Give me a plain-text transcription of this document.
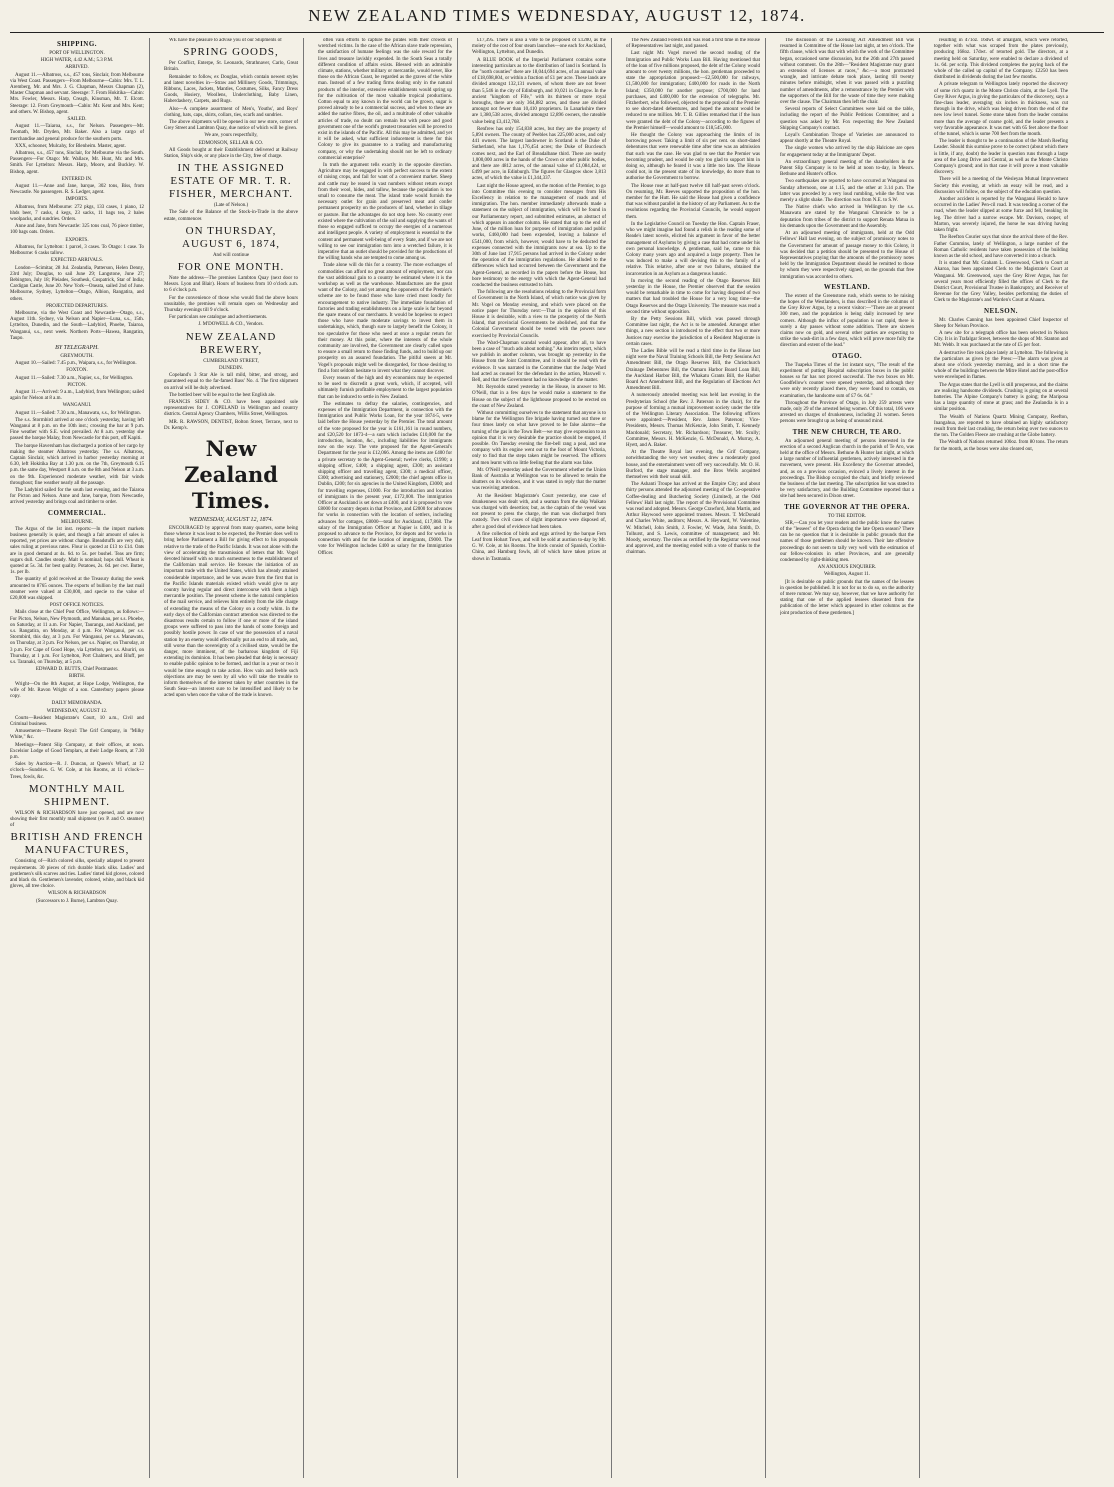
NEW ZEALAND TIMES WEDNESDAY, AUGUST 12, 1874.
SHIPPING.

PORT OF WELLINGTON.

HIGH WATER, 4.42 A.M.; 5.3 P.M.

ARRIVED.

August 11.—Albatross, s.s., 457 tons, Sinclair, from Melbourne via West Coast. Passengers—From Melbourne—Cabin: Mrs. T. L. Aremberg, Mr. and Mrs. J. G. Chapman, Messrs Chapman (2), Master Chapman and servant. Steerage: 7. From Hokitika—Cabin: Mrs. Fowler, Messrs. Harp, Creagh, Kinsman, Mr. T. Elcott. Steerage: 12. From Greymouth—Cabin: Mr. Kent and Mrs. Kent; and others. W. Bishop, agent.

SAILED.

August 11.—Taiaroa, s.s., for Nelson. Passengers—Mr. Toomath, Mr. Dryden, Mr. Baker. Also a large cargo of merchandise and general produce for the southern ports.

XXX, schooner, Mulcahy, for Blenheim. Master, agent.

Albatross, s.s., 457 tons, Sinclair, for Melbourne via the South. Passengers—For Otago: Mr. Wallace, Mr. Hunt, Mr. and Mrs. Smith. For Lyttelton: Messrs. Harp, Moore, and Buckley. W. Bishop, agent.

ENTERED IN.

August 11.—Anne and Jane, barque, 302 tons, Biss, from Newcastle. No passengers. R. S. Ledger, agent.

IMPORTS.

Albatross, from Melbourne: 272 pkgs, 133 cases, 1 piano, 12 hhds beer, 7 casks, 4 kegs, 23 sacks, 11 bags tea, 2 bales woolpacks, and sundries. Orders.

Anne and Jane, from Newcastle: 325 tons coal, 76 piece timber, 100 bags oats. Orders.

EXPORTS.

Albatross, for Lyttelton: 1 parcel, 3 cases. To Otago: 1 case. To Melbourne: 6 casks tallow.

EXPECTED ARRIVALS.

London—Scimitar, 28 Jul. Zealandia, Patterson, Helen Denny, 23rd July; Douglas, to sail June 29; Langstone, June 27; Bebington, July 18; Pleiades, Southesk, Cospatrick, Star of India; Cardigan Castle, June 20. New York—Oneata, sailed 2nd of June. Melbourne, Sydney, Lyttelton—Otago, Albion, Rangatira, and others.

PROJECTED DEPARTURES.

Melbourne, via the West Coast and Newcastle—Otago, s.s., August 11th. Sydney, via Nelson and Napier—Luna, s.s., 15th. Lyttelton, Dunedin, and the South—Ladybird, Phoebe, Taiaroa, Wanganui, s.s., next week. Northern Ports—Hawea, Rangatira, Taupo.

BY TELEGRAPH.

GREYMOUTH.

August 10.—Sailed: 7.45 p.m., Waipara, s.s., for Wellington.

FOXTON.

August 11.—Sailed: 7.30 a.m., Napier, s.s., for Wellington.

PICTON.

August 11.—Arrived: 9 a.m., Ladybird, from Wellington; sailed again for Nelson at 8 a.m.

WANGANUI.

August 11.—Sailed: 7.30 a.m., Manawatu, s.s., for Wellington.

The s.s. Stormbird arrived at one o'clock yesterday, having left Wanganui at 8 p.m. on the 10th inst.; crossing the bar at 9 p.m. Fine weather with S.E. wind prevailed. At 8 a.m. yesterday she passed the barque Malay, from Newcastle for this port, off Kapiti.

The barque Haversham has discharged a portion of her cargo by making the steamer Albatross yesterday. The s.s. Albatross, Captain Sinclair, which arrived in harbor yesterday morning at 6.30, left Hokitika Bay at 1.30 p.m. on the 7th, Greymouth 6.15 p.m. the same day, Westport 8 a.m. on the 8th and Nelson at 3 a.m. on the 9th. Experienced moderate weather, with fair winds throughout; fine weather nearly all the passage.

The Ladybird sailed for the south last evening, and the Taiaroa for Picton and Nelson. Anne and Jane, barque, from Newcastle, arrived yesterday and brings coal and timber to order.

COMMERCIAL.

MELBOURNE.

The Argus of the 1st inst. reports:—In the import markets business generally is quiet, and though a fair amount of sales is reported, yet prices are without change. Breadstuffs are very dull, sales ruling at previous rates. Flour is quoted at £13 to £14. Oats are in good demand at 4s. 6d. to 5s. per bushel. Teas are firm; sugars dull. Candles steady. Malt is nominal; hops dull. Wheat is quoted at 5s. 3d. for best quality. Potatoes, 2s. 6d. per cwt. Butter, 1s. per lb.

The quantity of gold received at the Treasury during the week amounted to 8765 ounces. The exports of bullion by the last mail steamer were valued at £30,000, and specie to the value of £20,000 was shipped.

POST OFFICE NOTICES.

Mails close at the Chief Post Office, Wellington, as follows:—For Picton, Nelson, New Plymouth, and Manukau, per s.s. Phoebe, on Saturday, at 11 a.m. For Napier, Tauranga, and Auckland, per s.s. Rangatira, on Monday, at 4 p.m. For Wanganui, per s.s. Stormbird, this day, at 3 p.m. For Wanganui, per s.s. Manawatu, on Thursday, at 3 p.m. For Nelson, per s.s. Napier, on Thursday, at 3 p.m. For Cape of Good Hope, via Lyttelton, per s.s. Ahuriri, on Thursday, at 1 p.m. For Lyttelton, Port Chalmers, and Bluff, per s.s. Taranaki, on Thursday, at 5 p.m.

EDWARD D. BUTTS, Chief Postmaster.

BIRTH.

Wright—On the 8th August, at Hope Lodge, Wellington, the wife of Mr. Ravon Wright of a son. Canterbury papers please copy.

DAILY MEMORANDA.

WEDNESDAY, AUGUST 12.

Courts—Resident Magistrate's Court, 10 a.m., Civil and Criminal business.

Amusements—Theatre Royal: The Grif Company, in "Milky White," &c.

Meetings—Patent Slip Company, at their offices, at noon. Excelsior Lodge of Good Templars, at their Lodge Room, at 7.30 p.m.

Sales by Auction—R. J. Duncan, at Queen's Wharf, at 12 o'clock—Sundries. G. W. Cole, at his Rooms, at 11 o'clock—Trees, fowls, &c.

MONTHLY MAIL SHIPMENT.

WILSON & RICHARDSON have just opened, and are now showing their first monthly mail shipment (ex P. and O. steamer) of

BRITISH AND FRENCH MANUFACTURES,

Consisting of—Rich colored silks, specially adapted to present requirements. 30 pieces of rich durable black silks. Ladies' and gentlemen's silk scarves and ties. Ladies' tinted kid gloves, colored and black do. Gentlemen's lavender, colored, white, and black kid gloves, all tree choice.

WILSON & RICHARDSON

(Successors to J. Burne), Lambton Quay.

WE have the pleasure to advise you of our Shipments of

SPRING GOODS,

Per Conflict, Enterpe, St. Leonards, Strathnaver, Carlo, Great Britain.

Remainder to follow, ex Douglas, which contain newest styles and latest novelties in—Straw and Millinery Goods, Trimmings, Ribbons, Laces, Jackets, Mantles, Costumes, Silks, Fancy Dress Goods, Hosiery, Woollens, Underclothing, Baby Linen, Haberdashery, Carpets, and Rugs.

Also—A complete assortment of Men's, Youths', and Boys' clothing, hats, caps, shirts, collars, ties, scarfs and sundries.

The above shipments will be opened in our new store, corner of Grey Street and Lambton Quay, due notice of which will be given.

We are, yours respectfully,

EDMONSON, SELLAR & CO.

All Goods bought at their Establishment delivered at Railway Station, Ship's side, or any place in the City, free of charge.

IN THE ASSIGNED ESTATE OF MR. T. R. FISHER, MERCHANT.

(Late of Nelson.)

The Sale of the Balance of the Stock-in-Trade in the above estate, commences

ON THURSDAY, AUGUST 6, 1874,

And will continue

FOR ONE MONTH.

Note the address—The premises Lambton Quay (next door to Messrs. Lyon and Blair). Hours of business from 10 o'clock a.m. to 6 o'clock p.m.

For the convenience of those who would find the above hours unsuitable, the premises will remain open on Wednesday and Thursday evenings till 9 o'clock.

For particulars see catalogue and advertisements.

J. M'DOWELL & CO., Vendors.

NEW ZEALAND BREWERY,

CUMBERLAND STREET,

DUNEDIN.

Copeland's 3 Star Ale is tall mild, bitter, and strong, and guaranteed equal to the far-famed Bass' No. 4. The first shipment on arrival will be duly advertised.

The bottled beer will be equal to the best English ale.

FRANCIS SIDEY & CO. have been appointed sole representatives for J. COPELAND in Wellington and country districts. Central Agency Chambers, Willis Street, Wellington.

MR. R. RAWSON, DENTIST, Bolton Street, Terrace, next to Dr. Kemp's.

New Zealand Times.
WEDNESDAY, AUGUST 12, 1874.

ENCOURAGED by approval from many quarters, some being those whence it was least to be expected, the Premier does well to bring before Parliament a Bill for giving effect to his proposals relative to the trade of the Pacific Islands. It was not alone with the view of accelerating the transmission of letters that Mr. Vogel devoted himself with so much earnestness to the establishment of the Californian mail service. He foresaw the initiation of an important trade with the United States, which has already attained considerable importance, and he was aware from the first that in the Pacific Islands materials existed which would give to any country having regular and direct intercourse with them a high mercantile position. The present scheme is the natural completion of the mail service, and relieves him entirely from the idle charge of extending the means of the Colony on a costly whim. In the early days of the Californian contract attention was directed to the disastrous results certain to follow if one or more of the island groups were suffered to pass into the hands of some foreign and possibly hostile power. In case of war the possession of a naval station by an enemy would effectually put an end to all trade, and, still worse than the sovereignty of a civilised state, would be the danger, more imminent, of the barbarous kingdom of Fiji extending its dominion. It has been pleaded that delay is necessary to enable public opinion to be formed, and that in a year or two it would be time enough to take action. How vain and feeble such objections are may be seen by all who will take the trouble to inform themselves of the interest taken by other countries in the South Seas—an interest sure to be intensified and likely to be acted upon when once the value of the trade is known.

often vain efforts to capture the pirates with their crowds of wretched victims. In the case of the African slave trade repression, the satisfaction of humane feelings was the sole reward for the lives and treasure lavishly expended. In the South Seas a totally different condition of affairs exists. Blessed with an admirable climate, stations, whether military or mercantile, would never, like those on the African Coast, be regarded as the graves of the white man. Instead of a few trading firms dealing only in the natural products of the interior, extensive establishments would spring up for the cultivation of the most valuable tropical productions. Cotton equal to any known in the world can be grown, sugar is proved already to be a commercial success, and when to these are added the native fibres, the oil, and a multitude of other valuable articles of trade, no doubt can remain but with peace and good government one of the world's greatest treasuries will be proved to exist in the islands of the Pacific. All this may be admitted, and yet it will be asked, what sufficient inducement is there for this Colony to give its guarantee to a trading and manufacturing company, or why the undertaking should not be left to ordinary commercial enterprise?

In truth the argument tells exactly in the opposite direction. Agriculture may be engaged in with perfect success to the extent of raising crops, and fail for want of a convenient market. Sheep and cattle may be reared in vast numbers without return except from their wool, hides, and tallow, because the population is too small to consume the meat. The island trade would furnish the necessary outlet for grain and preserved meat and confer permanent prosperity on the producers of land, whether in tillage or pasture. But the advantages do not stop here. No country ever existed where the cultivation of the soil and supplying the wants of those so engaged sufficed to occupy the energies of a numerous and intelligent people. A variety of employment is essential to the content and permanent well-being of every State, and if we are not willing to see our immigration turn into a wretched failure, it is imperative that an outlet should be provided for the productions of the willing hands who are tempted to come among us.

Trade alone will do this for a country. The more exchanges of commodities can afford no great amount of employment, nor can the vast additional gain to a country be estimated where it is the workshop as well as the warehouse. Manufactures are the great want of the Colony, and yet among the opponents of the Premier's scheme are to be found those who have cried most loudly for encouragement to native industry. The immediate foundation of factories and trading establishments on a large scale is far beyond the spare means of our merchants. It would be hopeless to expect those who have made moderate savings to invest them in undertakings, which, though sure to largely benefit the Colony, it too speculative for those who need at once a regular return for their money. At this point, where the interests of the whole community are involved, the Government are clearly called upon to ensure a small return to those finding funds, and to build up our prosperity on an assured foundation. The pitiful sneers at Mr. Vogel's proposals might well be disregarded, for those desiring to find a font seldom hesitate to invent what they cannot discover.

Every reason of the high and dry economists may be expected to be used to discredit a great work, which, if accepted, will ultimately furnish profitable employment to the largest population that can be induced to settle in New Zealand.

The estimates to defray the salaries, contingencies, and expenses of the Immigration Department, in connection with the Immigration and Public Works Loan, for the year 1874-5, were laid before the House yesterday by the Premier. The total amount of the vote proposed for the year is £161,161 in round numbers, and £20,520 for 1873-4—a sum which includes £10,000 for the introduction, location, &c., including liabilities for immigrants now on the way. The vote proposed for the Agent-General's Department for the year is £12,066. Among the items are £400 for a private secretary to the Agent-General; twelve clerks, £1990; a shipping officer, £400; a shipping agent, £300; an assistant shipping officer and travelling agent, £300; a medical officer, £300; advertising and stationery, £2000; the chief agents office in Dublin, £200; for six agencies in the United Kingdom, £3000; and for travelling expenses, £1000. For the introduction and location of immigrants in the present year, £172,000. The immigration Officer at Auckland is set down at £400, and it is proposed to vote £8000 for country depots in that Province, and £2000 for advances for works in connection with the location of settlers, including advances for cottages, £8000—total for Auckland, £17,868. The salary of the Immigration Officer at Napier is £400, and it is proposed to advance to the Province, for depots and for works in connection with and for the location of immigrants, £9000. The vote for Wellington includes £400 as salary for the Immigration Officer.

£17,395. There is also a vote to be proposed of £1200, as the moiety of the cost of four steam launches—one each for Auckland, Wellington, Lyttelton, and Dunedin.

A BLUE BOOK of the Imperial Parliament contains some interesting particulars as to the distribution of land in Scotland. In the "north counties" there are 18,044,694 acres, of an annual value of £18,698,804, or within a fraction of £1 per acre. These lands are divided amongst 132,131 owners, of whom there are not fewer than 5,546 in the city of Edinburgh, and 10,021 in Glasgow. In the ancient "kingdom of Fife," with its thirteen or more royal boroughs, there are only 364,882 acres, and these are divided amongst not fewer than 10,410 proprietors. In Lanarkshire there are 1,380,538 acres, divided amongst 12,896 owners, the rateable value being £3,412,768.

Renfrew has only 154,838 acres, but they are the property of 5,894 owners. The county of Peebles has 225,000 acres, and only 441 owners. The largest landowner in Scotland is the Duke of Sutherland, who has 1,176,454 acres; the Duke of Buccleuch comes next, and the Earl of Breadalbane third. There are nearly 1,000,000 acres in the hands of the Crown or other public bodies, and there are 4812 acres, of the annual value of £1,084,424, or £499 per acre, in Edinburgh. The figures for Glasgow show 3,813 acres, of which the value is £1,344,337.

Last night the House agreed, on the motion of the Premier, to go into Committee this evening to consider messages from His Excellency in relation to the management of roads and of immigration. The hon. member immediately afterwards made a statement on the subject of immigration, which will be found in our Parliamentary report, and submitted estimates, an abstract of which appears in another column. He stated that up to the end of June, of the million loan for purposes of immigration and public works, £460,000 had been expended, leaving a balance of £541,000, from which, however, would have to be deducted the expenses connected with the immigrants now at sea. Up to the 30th of June last 17,915 persons had arrived in the Colony under the operation of the immigration regulations. He alluded to the differences which had occurred between the Government and the Agent-General, as recorded in the papers before the House, but bore testimony to the energy with which the Agent-General had conducted the business entrusted to him.

The following are the resolutions relating to the Provincial form of Government in the North Island, of which notice was given by Mr. Vogel on Monday evening, and which were placed on the notice paper for Thursday next:—That in the opinion of this House it is desirable, with a view to the prosperity of the North Island, that provincial Governments be abolished, and that the Colonial Government should be vested with the powers now exercised by Provincial Councils.

The Ward-Chapman scandal would appear, after all, to have been a case of "much ado about nothing." An interim report, which we publish in another column, was brought up yesterday in the House from the Joint Committee, and it should be read with the evidence. It was narrated in the Committee that the Judge Ward had acted as counsel for the defendant in the action, Maxwell v. Bell, and that the Government had no knowledge of the matter.

Mr. Reynolds stated yesterday in the House, in answer to Mr. O'Neill, that in a few days he would make a statement to the House on the subject of the lighthouse proposed to be erected on the coast of New Zealand.

Without committing ourselves to the statement that anyone is to blame for the Wellington fire brigade having turned out three or four times lately on what have proved to be false alarms—the turning of the gas in the Town Belt—we may give expression to an opinion that it is very desirable the practice should be stopped, if possible. On Tuesday evening the fire-bell rang a peal, and one company with its engine went out to the foot of Mount Victoria, only to find that the steps taken might be reserved. The officers and men learnt with no little feeling that the alarm was false.

Mr. O'Neill yesterday asked the Government whether the Union Bank of Australia at Wellington was to be allowed to retain the shutters on its windows, and it was stated in reply that the matter was receiving attention.

At the Resident Magistrate's Court yesterday, one case of drunkenness was dealt with, and a seaman from the ship Waikato was charged with desertion; but, as the captain of the vessel was not present to press the charge, the man was discharged from custody. Two civil cases of slight importance were disposed of, after a good deal of evidence had been taken.

A fine collection of birds and eggs arrived by the barque Fern Leaf from Hobart Town, and will be sold at auction to-day by Mr. G. W. Cole, at his Rooms. The birds consist of Spanish, Cochin-China, and Hamburg fowls, all of which have taken prizes at shows in Tasmania.

The New Zealand Forests Bill was read a first time in the House of Representatives last night, and passed.

Last night Mr. Vogel moved the second reading of the Immigration and Public Works Loan Bill. Having mentioned that of the loan of five millions proposed, the debt of the Colony would amount to over twenty millions, the hon. gentleman proceeded to state the appropriation proposed:—£2,500,000 for railways, £1,500,000 for immigration; £400,000 for roads in the North Island; £350,000 for another purpose; £700,000 for land purchases, and £400,000 for the extension of telegraphs. Mr. Fitzherbert, who followed, objected to the proposal of the Premier to see short-dated debentures, and hoped the amount would be reduced to one million. Mr. T. B. Gillies remarked that if the loan were granted the debt of the Colony—according to the figures of the Premier himself—would amount to £18,545,000.

He thought the Colony was approaching the limits of its borrowing power. Taking a limit of six per cent. on short-dated debentures that were renewable time after time was an admission that such was the case. He was glad to see that the Premier was becoming prudent, and would be only too glad to support him in doing so, although he feared it was a little too late. The House could not, in the present state of its knowledge, do more than to authorise the Government to borrow.

The House rose at half-past twelve till half-past seven o'clock. On resuming, Mr. Reeves supported the proposition of the hon. member for the Hutt. He said the House had given a confidence that was without parallel in the history of any Parliament. As to the resolutions regarding the Provincial Councils, he would support them.

In the Legislative Council on Tuesday the Hon. Captain Fraser, who we might imagine had found a relish in the reading some of Reade's latest novels, elicited his argument in favor of the better management of Asylums by giving a case that had come under his own personal knowledge. A gentleman, said he, came to this Colony many years ago and acquired a large property. Then he was induced to make a will devising this to the family of a relative. This relative, after one or two failures, obtained the incarceration in an Asylum as a dangerous lunatic.

In moving the second reading of the Otago Reserves Bill yesterday in the House, the Premier observed that the session would be remarkable in time to come for having disposed of two matters that had troubled the House for a very long time—the Otago Reserves and the Otago University. The measure was read a second time without opposition.

By the Petty Sessions Bill, which was passed through Committee last night, the Act is to be amended. Amongst other things, a new section is introduced to the effect that two or more Justices may exercise the jurisdiction of a Resident Magistrate in certain cases.

The Ladies Bible will be read a third time in the House last night were the Naval Training Schools Bill, the Petty Sessions Act Amendment Bill, the Otago Reserves Bill, the Christchurch Drainage Debentures Bill, the Oamaru Harbor Board Loan Bill, the Auckland Harbor Bill, the Whakatu Grants Bill, the Harbor Board Act Amendment Bill, and the Regulation of Elections Act Amendment Bill.

A numerously attended meeting was held last evening in the Presbyterian School (the Rev. J. Paterson in the chair), for the purpose of forming a mutual improvement society under the title of the Wellington Literary Association. The following officers were appointed:—President, Rev. James Paterson; Vice-Presidents, Messrs. Thomas McKenzie, John Smith, T. Kennedy Macdonald; Secretary, Mr. Richardson; Treasurer, Mr. Scully; Committee, Messrs. H. McKenzie, G. McDonald, A. Murray, A. Hyett, and A. Baker.

At the Theatre Royal last evening, the Grif Company, notwithstanding the very wet weather, drew a moderately good house, and the entertainment went off very successfully. Mr. O. H. Burford, the stage manager, and the Bros Wells acquitted themselves with their usual skill.

The Ashanti Troupe has arrived at the Empire City; and about thirty persons attended the adjourned meeting of the Co-operative Coffee-dealing and Butchering Society (Limited), at the Odd Fellows' Hall last night. The report of the Provisional Committee was read and adopted. Messrs. George Crawford, John Martin, and Arthur Haywood were appointed trustees. Messrs. T. McDonald and Charles White, auditors; Messrs. A. Heyward, W. Valentine, W. Mitchell, John Smith, J. Fowler, W. Wade, John Smith, D. Tolhurst, and S. Lewis, committee of management; and Mr. Moody, secretary. The rules as certified by the Registrar were read and approved, and the meeting ended with a vote of thanks to the chairman.

The discussion of the Licensing Act Amendment Bill was resumed in Committee of the House last night, at ten o'clock. The fifth clause, which was that with which the work of the Committee began, occasioned some discussion, but the 26th and 27th passed without comment. On the 28th—"Resident Magistrate may grant an extension of licenses at races," &c.—a most protracted wrangle, and intricate debate took place, lasting till twenty minutes before midnight, when it was passed with a puzzling number of amendments, after a remonstrance by the Premier with the supporters of the Bill for the waste of time they were making over the clause. The Chairman then left the chair.

Several reports of Select Committees were laid on the table, including the report of the Public Petitions Committee; and a question was asked by Mr. Fox respecting the New Zealand Shipping Company's contract.

Loyal's Combination Troupe of Varieties are announced to appear shortly at the Theatre Royal.

The single women who arrived by the ship Halcione are open for engagement today at the Immigrants' Depot.

An extraordinary general meeting of the shareholders in the Patent Slip Company is to be held at noon to-day, in Messrs. Bethune and Hunter's office.

Two earthquakes are reported to have occurred at Wanganui on Sunday afternoon, one at 1.15, and the other at 3.14 p.m. The latter was preceded by a very loud rumbling, while the first was merely a slight shake. The direction was from N.E. to S.W.

The Native chiefs who arrived in Wellington by the s.s. Manawatu are stated by the Wanganui Chronicle to be a deputation from tribes of the district to support Renata Matua in his demands upon the Government and the Assembly.

At an adjourned meeting of immigrants, held at the Odd Fellows' Hall last evening, on the subject of promissory notes to the Government for amount of passage money to this Colony, it was decided that a petition should be presented to the House of Representatives praying that the amounts of the promissory notes held by the Immigration Department should be remitted to those by whom they were respectively signed, on the grounds that free immigration was accorded to others.

WESTLAND.

The extent of the Greenstone rush, which seems to be raising the hopes of the Westlanders, is thus described in the columns of the Grey River Argus, by a recent visitor:—"There are at present 300 men, and the population is being daily increased by new comers. Although the influx of population is not rapid, there is surely a day passes without some addition. There are sixteen claims now on gold, and several other parties are expecting to strike the wash-dirt in a few days, which will prove more fully the direction and extent of the lead."

OTAGO.

The Tuapeka Times of the 1st instant says, "The result of the experiment of putting Hospital subscription boxes in the public houses so far has not proved successful. The two boxes on Mr. Goodfellow's counter were opened yesterday, and although they were only recently placed there, they were found to contain, on examination, the handsome sum of £7 6s. 6d."

Throughout the Province of Otago, in July 259 arrests were made, only 29 of the arrested being women. Of this total, 166 were arrested on charges of drunkenness, including 21 women. Seven persons were brought up as being of unsound mind.

THE NEW CHURCH, TE ARO.

An adjourned general meeting of persons interested in the erection of a second Anglican church in the parish of Te Aro, was held at the office of Messrs. Bethune & Hunter last night, at which a large number of influential gentlemen, actively interested in the movement, were present. His Excellency the Governor attended, and, as on a previous occasion, evinced a lively interest in the proceedings. The Bishop occupied the chair, and briefly reviewed the business of the last meeting. The subscription list was stated to be very satisfactory, and the Building Committee reported that a site had been secured in Dixon street.

THE GOVERNOR AT THE OPERA.

TO THE EDITOR.

SIR,—Can you let your readers and the public know the names of the "lessees" of the Opera during the late Opera season? There can be no question that it is desirable in public grounds that the names of those gentlemen should be known. Their late offensive proceedings do not seem to tally very well with the estimation of our fellow-colonists in other Provinces, and are generally condemned by right-thinking men.

AN ANXIOUS ENQUIRER.

Wellington, August 11.

[It is desirable on public grounds that the names of the lessees in question be published. It is not for us to do so, on the authority of mere rumour. We may say, however, that we have authority for stating that one of the applied lessees dissented from the publication of the letter which appeared in other columns as the joint production of these gentlemen.]

resulting in 471oz. 16dwt. of amalgam, which were retorted, together with what was scraped from the plates previously, producing 168oz. 17dwt. of retorted gold. The directors, at a meeting held on Saturday, were enabled to declare a dividend of 1s. 6d. per scrip. This dividend completes the paying back of the whole of the called up capital of the Company. £2250 has been distributed in dividends during the last few months.

A private telegram to Wellington lately reported the discovery of some rich quartz in the Monte Christo claim, at the Lyell. The Grey River Argus, in giving the particulars of the discovery, says a fine-class leader, averaging six inches in thickness, was cut through in the drive, which was being driven from the end of the new low level tunnel. Some stone taken from the leader contains more than the average of coarse gold, and the leader presents a very favorable appearance. It was met with 65 feet above the floor of the tunnel, which is some 700 feet from the mouth.

The leader is thought to be a continuation of the Marsh Reefing Leader. Should this surmise prove to be correct (about which there is little, if any, doubt) the leader in question runs through a large area of the Long Drive and Central, as well as the Monte Christo Company's ground; and in that case it will prove a most valuable discovery.

There will be a meeting of the Wesleyan Mutual Improvement Society this evening, at which an essay will be read, and a discussion will follow, on the subject of the education question.

Another accident is reported by the Wanganui Herald to have occurred in the Ladies' Pen-cil road. It was tending a corner of the road, when the leader slipped at some furze and fell, breaking its leg. The driver had a narrow escape. Mr. Davison, cooper, of Marton, was severely injured, the horse he was driving having taken fright.

The Reefton Courier says that since the arrival there of the Rev. Father Cummins, lately of Wellington, a large number of the Roman Catholic residents have taken possession of the building known as the old school, and have converted it into a church.

It is stated that Mr. Graham L. Greenwood, Clerk to Court at Akaroa, has been appointed Clerk to the Magistrate's Court at Wanganui. Mr. Greenwood, says the Grey River Argus, has for several years most efficiently filled the offices of Clerk to the District Court, Provisional Trustee in Bankruptcy, and Receiver of Revenue for the Grey Valley, besides performing the duties of Clerk to the Magistrate's and Warden's Court at Ahaura.

NELSON.

Mr. Charles Canning has been appointed Chief Inspector of Sheep for Nelson Province.

A new site for a telegraph office has been selected in Nelson City. It is in Trafalgar Street, between the shops of Mr. Stanton and Mr. Webb. It was purchased at the rate of £5 per foot.

A destructive fire took place lately at Lyttelton. The following is the particulars as given by the Press:—The alarm was given at about one o'clock yesterday morning, and in a short time the whole of the buildings between the Mitre Hotel and the post-office were enveloped in flames.

The Argus states that the Lyell is still prosperous, and the claims are realising handsome dividends. Crushing is going on at several batteries. The Alpine Company's battery is going; the Mariposa has a large quantity of stone at grass; and the Zealandia is in a similar position.

The Wealth of Nations Quartz Mining Company, Reefton, Inangahua, are reported to have obtained an highly satisfactory result from their last crushing, the return being over two ounces to the ton. The Golden Fleece are crushing at the Globe battery.

The Wealth of Nations returned 100oz. from 80 tons. The return for the month, as the boxes were also cleared out,
